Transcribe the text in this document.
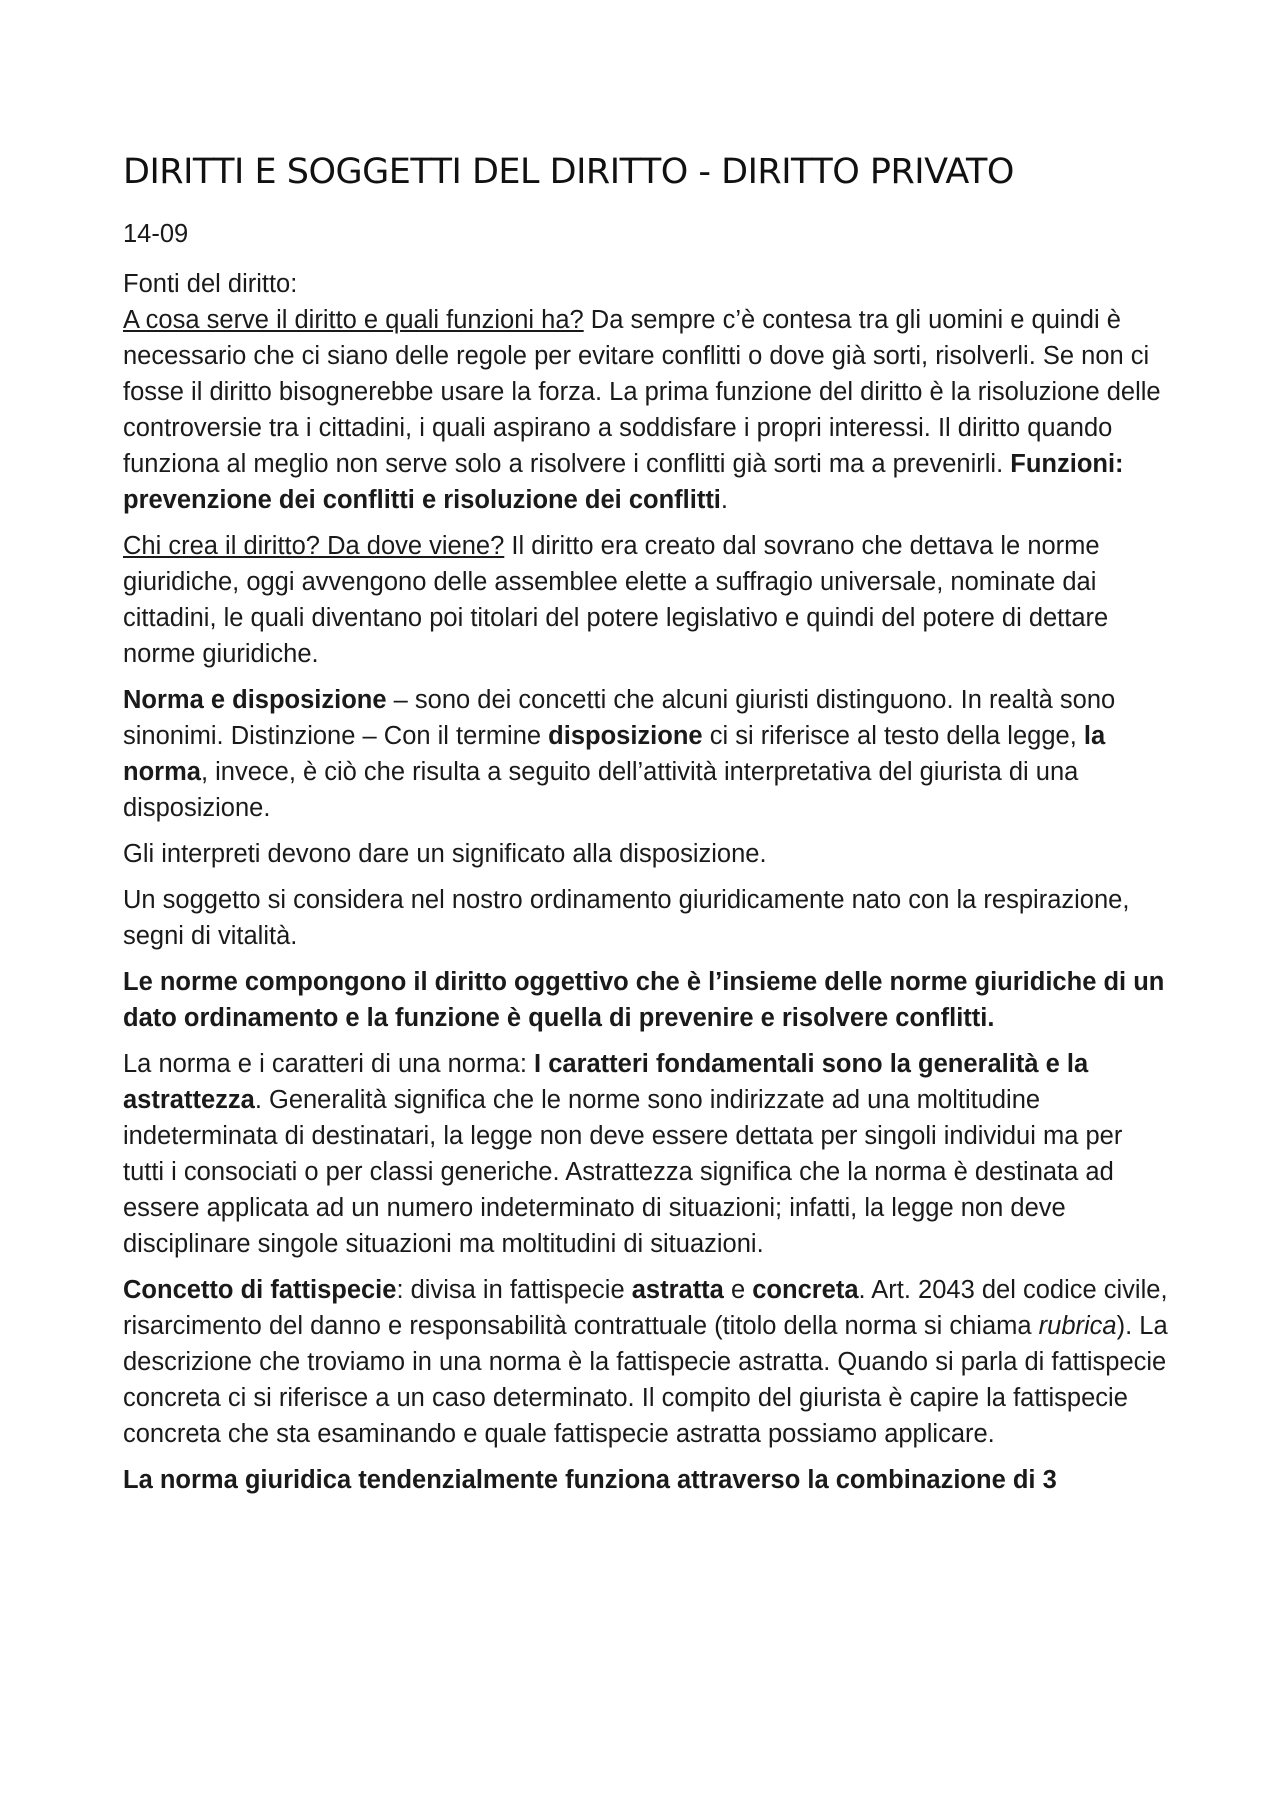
DIRITTI E SOGGETTI DEL DIRITTO - DIRITTO PRIVATO

14-09

Fonti del diritto:
A cosa serve il diritto e quali funzioni ha? Da sempre c’è contesa tra gli uomini e quindi è necessario che ci siano delle regole per evitare conflitti o dove già sorti, risolverli. Se non ci fosse il diritto bisognerebbe usare la forza. La prima funzione del diritto è la risoluzione delle controversie tra i cittadini, i quali aspirano a soddisfare i propri interessi. Il diritto quando funziona al meglio non serve solo a risolvere i conflitti già sorti ma a prevenirli. Funzioni: prevenzione dei conflitti e risoluzione dei conflitti.

Chi crea il diritto? Da dove viene? Il diritto era creato dal sovrano che dettava le norme giuridiche, oggi avvengono delle assemblee elette a suffragio universale, nominate dai cittadini, le quali diventano poi titolari del potere legislativo e quindi del potere di dettare norme giuridiche.

Norma e disposizione – sono dei concetti che alcuni giuristi distinguono. In realtà sono sinonimi. Distinzione – Con il termine disposizione ci si riferisce al testo della legge, la norma, invece, è ciò che risulta a seguito dell’attività interpretativa del giurista di una disposizione.

Gli interpreti devono dare un significato alla disposizione.

Un soggetto si considera nel nostro ordinamento giuridicamente nato con la respirazione, segni di vitalità.

Le norme compongono il diritto oggettivo che è l’insieme delle norme giuridiche di un dato ordinamento e la funzione è quella di prevenire e risolvere conflitti.

La norma e i caratteri di una norma: I caratteri fondamentali sono la generalità e la astrattezza. Generalità significa che le norme sono indirizzate ad una moltitudine indeterminata di destinatari, la legge non deve essere dettata per singoli individui ma per tutti i consociati o per classi generiche. Astrattezza significa che la norma è destinata ad essere applicata ad un numero indeterminato di situazioni; infatti, la legge non deve disciplinare singole situazioni ma moltitudini di situazioni.

Concetto di fattispecie: divisa in fattispecie astratta e concreta. Art. 2043 del codice civile, risarcimento del danno e responsabilità contrattuale (titolo della norma si chiama rubrica). La descrizione che troviamo in una norma è la fattispecie astratta. Quando si parla di fattispecie concreta ci si riferisce a un caso determinato. Il compito del giurista è capire la fattispecie concreta che sta esaminando e quale fattispecie astratta possiamo applicare.

La norma giuridica tendenzialmente funziona attraverso la combinazione di 3
